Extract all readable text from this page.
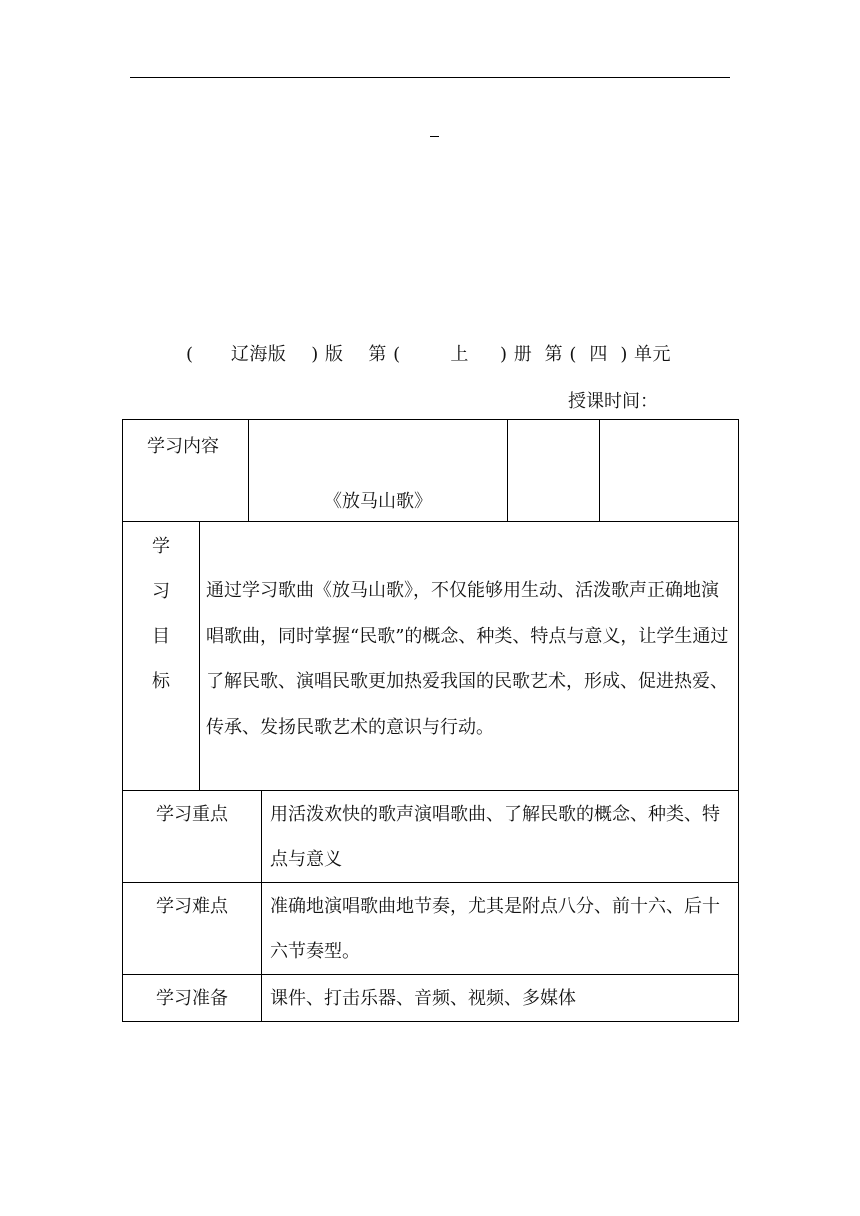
(      辽海版    ) 版    第 (        上     ) 册  第 (  四  ) 单元
授课时间：
学习内容		《放马山歌》			

学
习
目
标	通过学习歌曲《放马山歌》，不仅能够用生动、活泼歌声正确地演唱歌曲，同时掌握“民歌”的概念、种类、特点与意义，让学生通过了解民歌、演唱民歌更加热爱我国的民歌艺术，形成、促进热爱、传承、发扬民歌艺术的意识与行动。				

学习重点			用活泼欢快的歌声演唱歌曲、了解民歌的概念、种类、特点与意义		
学习难点			准确地演唱歌曲地节奏，尤其是附点八分、前十六、后十六节奏型。		
学习准备			课件、打击乐器、音频、视频、多媒体		
